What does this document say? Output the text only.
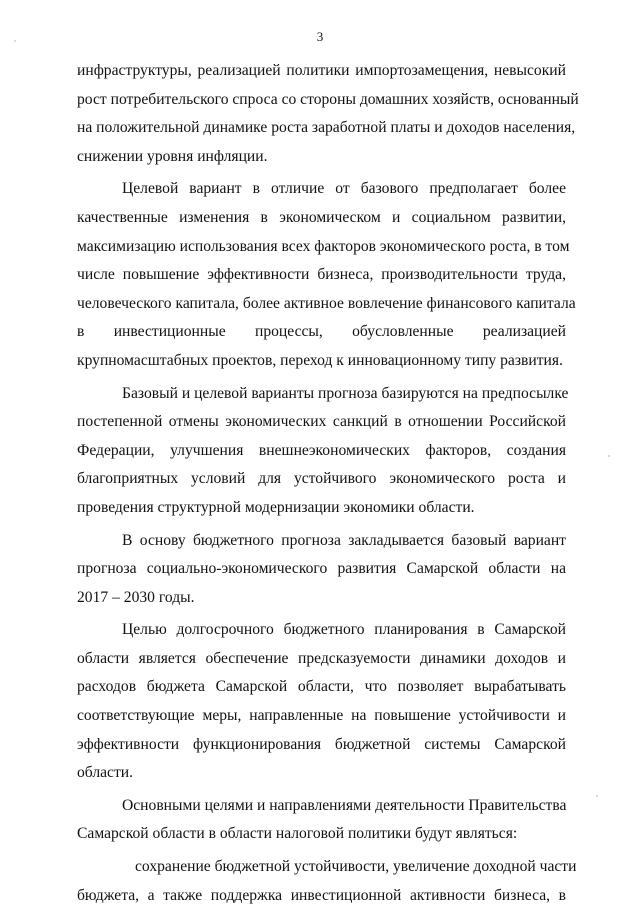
3
инфраструктуры, реализацией политики импортозамещения, невысокий
рост потребительского спроса со стороны домашних хозяйств, основанный
на положительной динамике роста заработной платы и доходов населения,
снижении уровня инфляции.
Целевой вариант в отличие от базового предполагает более
качественные изменения в экономическом и социальном развитии,
максимизацию использования всех факторов экономического роста, в том
числе повышение эффективности бизнеса, производительности труда,
человеческого капитала, более активное вовлечение финансового капитала
в инвестиционные процессы, обусловленные реализацией
крупномасштабных проектов, переход к инновационному типу развития.
Базовый и целевой варианты прогноза базируются на предпосылке
постепенной отмены экономических санкций в отношении Российской
Федерации, улучшения внешнеэкономических факторов, создания
благоприятных условий для устойчивого экономического роста и
проведения структурной модернизации экономики области.
В основу бюджетного прогноза закладывается базовый вариант
прогноза социально-экономического развития Самарской области на
2017 – 2030 годы.
Целью долгосрочного бюджетного планирования в Самарской
области является обеспечение предсказуемости динамики доходов и
расходов бюджета Самарской области, что позволяет вырабатывать
соответствующие меры, направленные на повышение устойчивости и
эффективности функционирования бюджетной системы Самарской
области.
Основными целями и направлениями деятельности Правительства
Самарской области в области налоговой политики будут являться:
сохранение бюджетной устойчивости, увеличение доходной части
бюджета, а также поддержка инвестиционной активности бизнеса, в
